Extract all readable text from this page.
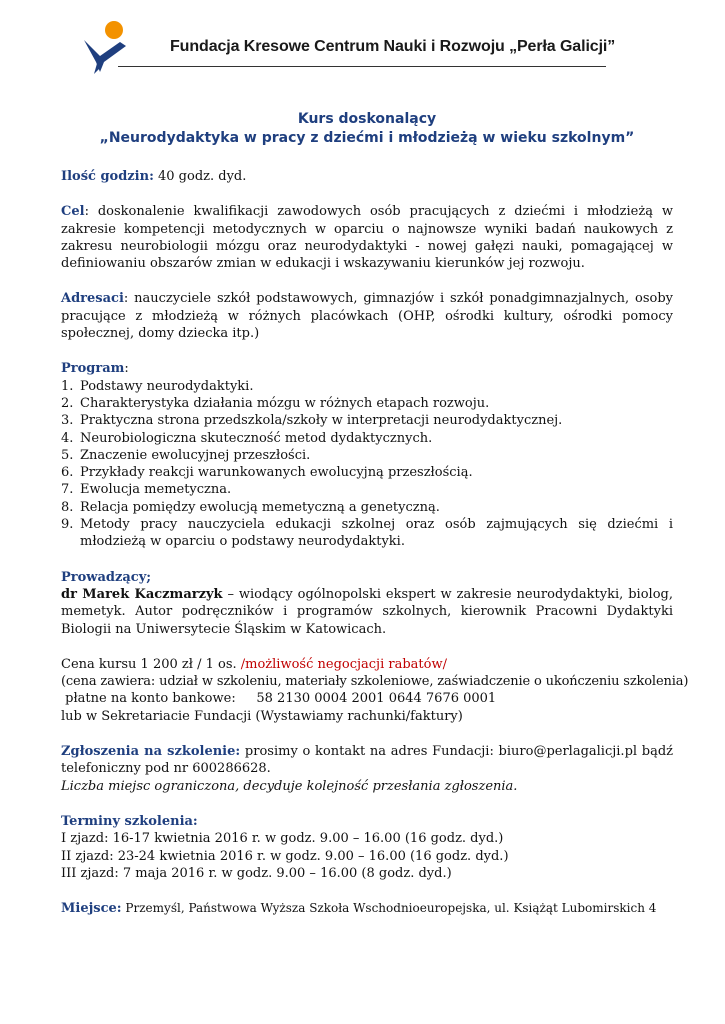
Fundacja Kresowe Centrum Nauki i Rozwoju „Perła Galicji”
Kurs doskonalący
„Neurodydaktyka w pracy z dziećmi i młodzieżą w wieku szkolnym”

Ilość godzin: 40 godz. dyd.

Cel: doskonalenie kwalifikacji zawodowych osób pracujących z dziećmi i młodzieżą w zakresie kompetencji metodycznych w oparciu o najnowsze wyniki badań naukowych z zakresu neurobiologii mózgu oraz neurodydaktyki - nowej gałęzi nauki, pomagającej w definiowaniu obszarów zmian w edukacji i wskazywaniu kierunków jej rozwoju.

Adresaci: nauczyciele szkół podstawowych, gimnazjów i szkół ponadgimnazjalnych, osoby pracujące z młodzieżą w różnych placówkach (OHP, ośrodki kultury, ośrodki pomocy społecznej, domy dziecka itp.)

Program:
1. Podstawy neurodydaktyki.
2. Charakterystyka działania mózgu w różnych etapach rozwoju.
3. Praktyczna strona przedszkola/szkoły w interpretacji neurodydaktycznej.
4. Neurobiologiczna skuteczność metod dydaktycznych.
5. Znaczenie ewolucyjnej przeszłości.
6. Przykłady reakcji warunkowanych ewolucyjną przeszłością.
7. Ewolucja memetyczna.
8. Relacja pomiędzy ewolucją memetyczną a genetyczną.
9. Metody pracy nauczyciela edukacji szkolnej oraz osób zajmujących się dziećmi i młodzieżą w oparciu o podstawy neurodydaktyki.
Prowadzący;
dr Marek Kaczmarzyk – wiodący ogólnopolski ekspert w zakresie neurodydaktyki, biolog, memetyk. Autor podręczników i programów szkolnych, kierownik Pracowni Dydaktyki Biologii na Uniwersytecie Śląskim w Katowicach.
Cena kursu 1 200 zł / 1 os. /możliwość negocjacji rabatów/
(cena zawiera: udział w szkoleniu, materiały szkoleniowe, zaświadczenie o ukończeniu szkolenia)
płatne na konto bankowe:     58 2130 0004 2001 0644 7676 0001
lub w Sekretariacie Fundacji (Wystawiamy rachunki/faktury)
Zgłoszenia na szkolenie: prosimy o kontakt na adres Fundacji: biuro@perlagalicji.pl bądź telefoniczny pod nr 600286628.
Liczba miejsc ograniczona, decyduje kolejność przesłania zgłoszenia.
Terminy szkolenia:
I zjazd: 16-17 kwietnia 2016 r. w godz. 9.00 – 16.00 (16 godz. dyd.)
II zjazd: 23-24 kwietnia 2016 r. w godz. 9.00 – 16.00 (16 godz. dyd.)
III zjazd: 7 maja 2016 r. w godz. 9.00 – 16.00 (8 godz. dyd.)
Miejsce: Przemyśl, Państwowa Wyższa Szkoła Wschodnioeuropejska, ul. Książąt Lubomirskich 4
